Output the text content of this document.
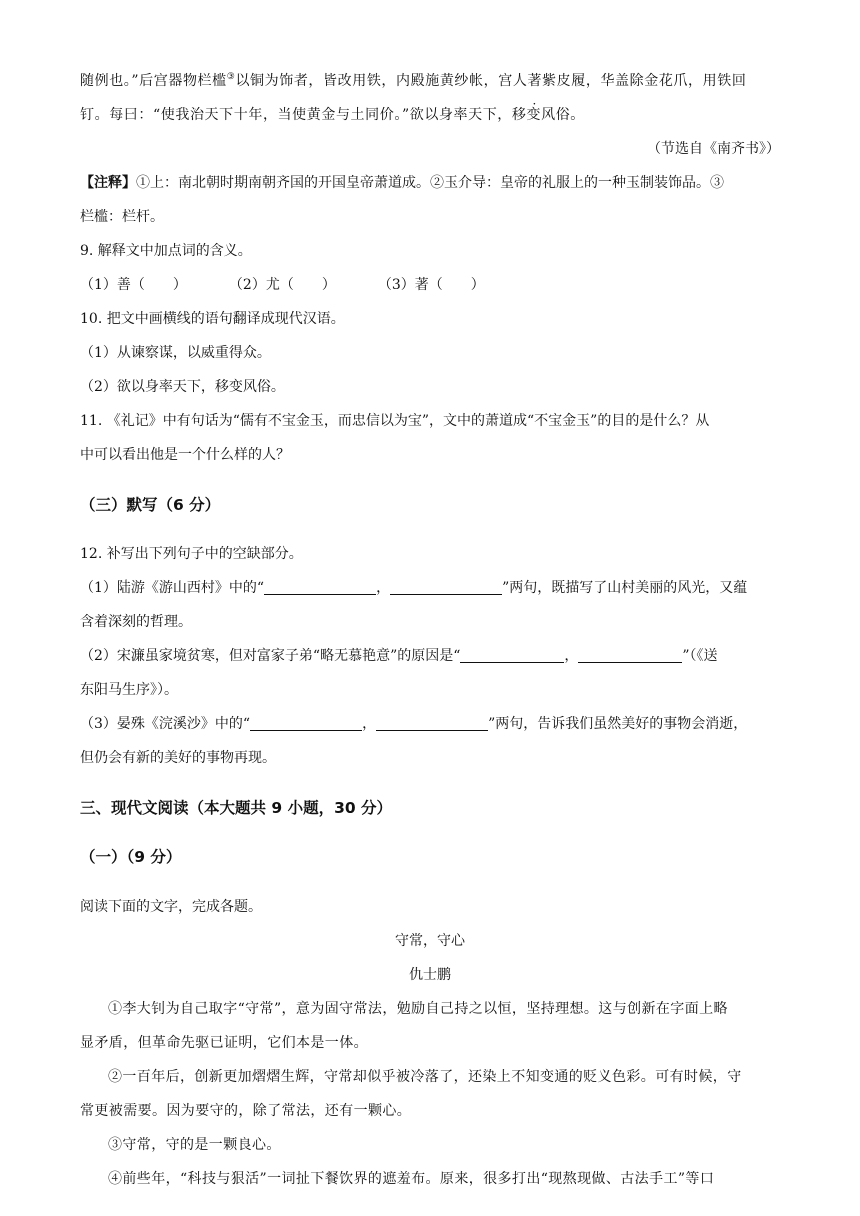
随例也。”后宫器物栏槛③以铜为饰者，皆改用铁，内殿施黄纱帐，宫人著紫皮履，华盖除金花爪，用铁回

钉。每曰：“使我治天下十年，当使黄金与土同价。”欲以身率天下，移变风俗。

（节选自《南齐书》）

【注释】①上：南北朝时期南朝齐国的开国皇帝萧道成。②玉介导：皇帝的礼服上的一种玉制装饰品。③

栏槛：栏杆。

9. 解释文中加点词的含义。

（1）善（　　）	（2）尤（　　）	（3）著（　　）

10. 把文中画横线的语句翻译成现代汉语。

（1）从谏察谋，以威重得众。

（2）欲以身率天下，移变风俗。

11. 《礼记》中有句话为“儒有不宝金玉，而忠信以为宝”，文中的萧道成“不宝金玉”的目的是什么？从

中可以看出他是一个什么样的人？

（三）默写（6 分）

12. 补写出下列句子中的空缺部分。

（1）陆游《游山西村》中的“	，	”两句，既描写了山村美丽的风光，又蕴

含着深刻的哲理。

（2）宋濂虽家境贫寒，但对富家子弟“略无慕艳意”的原因是“	，	”（《送

东阳马生序》）。

（3）晏殊《浣溪沙》中的“	，	”两句，告诉我们虽然美好的事物会消逝，

但仍会有新的美好的事物再现。

三、现代文阅读（本大题共 9 小题，30 分）

（一）（9 分）

阅读下面的文字，完成各题。

守常，守心

仇士鹏

①李大钊为自己取字“守常”，意为固守常法，勉励自己持之以恒，坚持理想。这与创新在字面上略

显矛盾，但革命先驱已证明，它们本是一体。

②一百年后，创新更加熠熠生辉，守常却似乎被冷落了，还染上不知变通的贬义色彩。可有时候，守

常更被需要。因为要守的，除了常法，还有一颗心。

③守常，守的是一颗良心。

④前些年，“科技与狠活”一词扯下餐饮界的遮羞布。原来，很多打出“现熬现做、古法手工”等口
